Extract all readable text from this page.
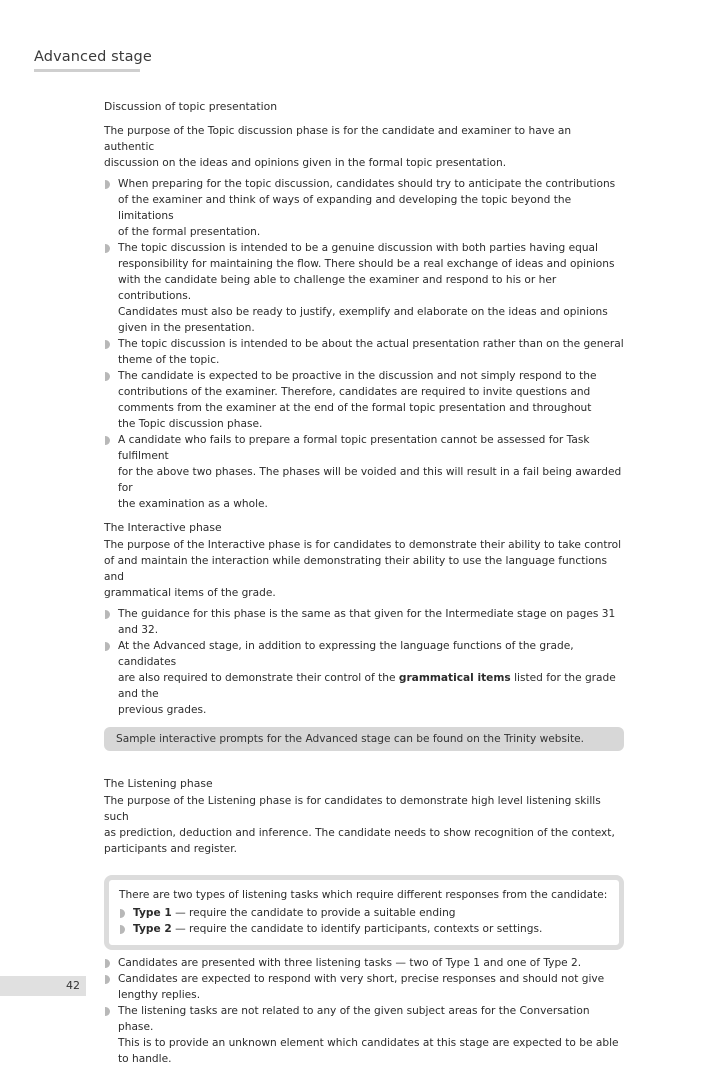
Advanced stage
Discussion of topic presentation
The purpose of the Topic discussion phase is for the candidate and examiner to have an authentic
discussion on the ideas and opinions given in the formal topic presentation.
When preparing for the topic discussion, candidates should try to anticipate the contributions
of the examiner and think of ways of expanding and developing the topic beyond the limitations
of the formal presentation.
The topic discussion is intended to be a genuine discussion with both parties having equal
responsibility for maintaining the flow. There should be a real exchange of ideas and opinions
with the candidate being able to challenge the examiner and respond to his or her contributions.
Candidates must also be ready to justify, exemplify and elaborate on the ideas and opinions
given in the presentation.
The topic discussion is intended to be about the actual presentation rather than on the general
theme of the topic.
The candidate is expected to be proactive in the discussion and not simply respond to the
contributions of the examiner. Therefore, candidates are required to invite questions and
comments from the examiner at the end of the formal topic presentation and throughout
the Topic discussion phase.
A candidate who fails to prepare a formal topic presentation cannot be assessed for Task fulfilment
for the above two phases. The phases will be voided and this will result in a fail being awarded for
the examination as a whole.
The Interactive phase
The purpose of the Interactive phase is for candidates to demonstrate their ability to take control
of and maintain the interaction while demonstrating their ability to use the language functions and
grammatical items of the grade.
The guidance for this phase is the same as that given for the Intermediate stage on pages 31 and 32.
At the Advanced stage, in addition to expressing the language functions of the grade, candidates
are also required to demonstrate their control of the grammatical items listed for the grade and the
previous grades.
Sample interactive prompts for the Advanced stage can be found on the Trinity website.
The Listening phase
The purpose of the Listening phase is for candidates to demonstrate high level listening skills such
as prediction, deduction and inference. The candidate needs to show recognition of the context,
participants and register.
There are two types of listening tasks which require different responses from the candidate:
Type 1 — require the candidate to provide a suitable ending
Type 2 — require the candidate to identify participants, contexts or settings.
Candidates are presented with three listening tasks — two of Type 1 and one of Type 2.
Candidates are expected to respond with very short, precise responses and should not give
lengthy replies.
The listening tasks are not related to any of the given subject areas for the Conversation phase.
This is to provide an unknown element which candidates at this stage are expected to be able
to handle.
42
